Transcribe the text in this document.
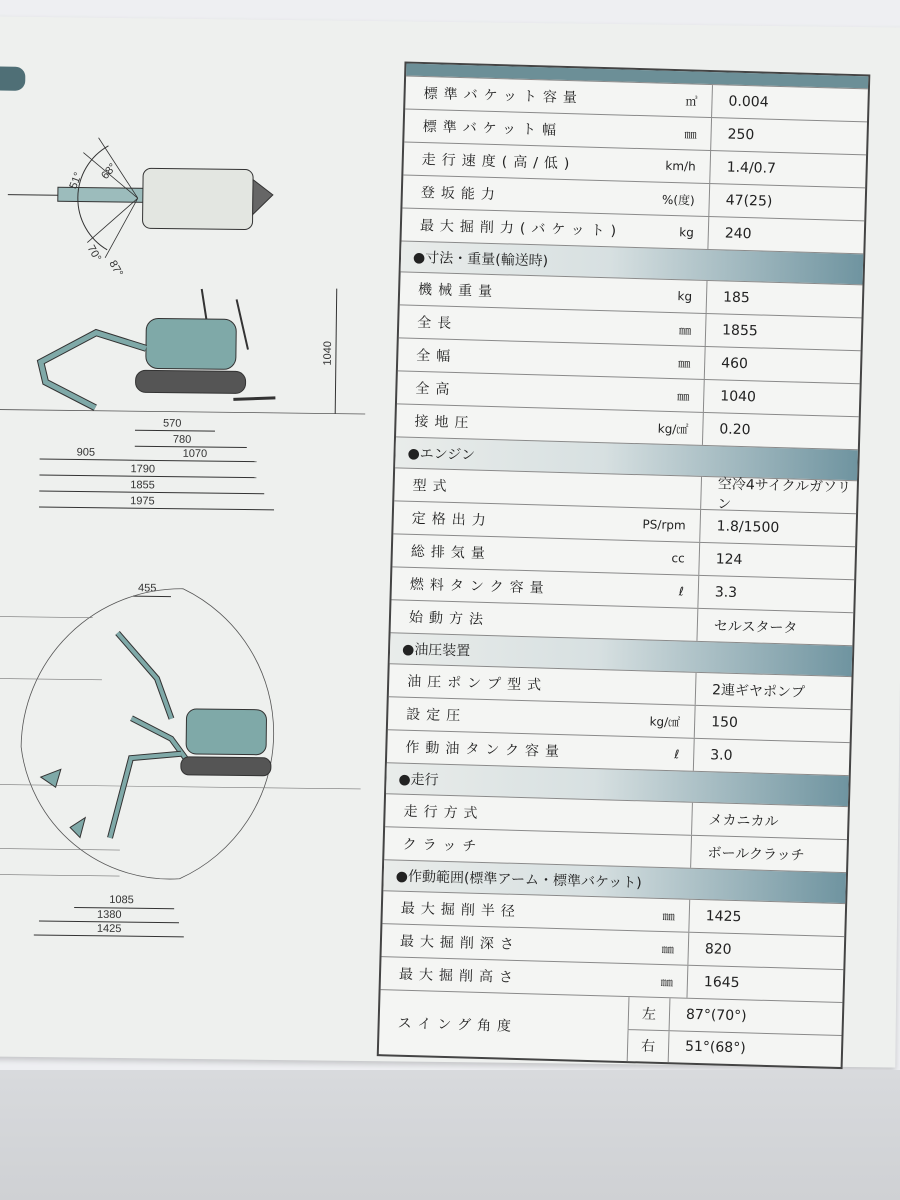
51° 68°
70°
87°
1040
570
780
905	1070
1790
1855
1975
455
1085
1380
1425
標準バケット容量	㎥	0.004
標準バケット幅	㎜	250
走行速度(高/低)	km/h	1.4/0.7
登坂能力	%(度)	47(25)
最大掘削力(バケット)	kg	240
●寸法・重量(輸送時)
機械重量	kg	185
全長	㎜	1855
全幅	㎜	460
全高	㎜	1040
接地圧	kg/㎠	0.20
●エンジン
型式	空冷4サイクルガソリン
定格出力	PS/rpm	1.8/1500
総排気量	cc	124
燃料タンク容量	ℓ	3.3
始動方法	セルスタータ
●油圧装置
油圧ポンプ型式	2連ギヤポンプ
設定圧	kg/㎠	150
作動油タンク容量	ℓ	3.0
●走行
走行方式	メカニカル
クラッチ	ボールクラッチ
●作動範囲(標準アーム・標準バケット)
最大掘削半径	㎜	1425
最大掘削深さ	㎜	820
最大掘削高さ	㎜	1645
スイング角度
左	87°(70°)
右	51°(68°)
